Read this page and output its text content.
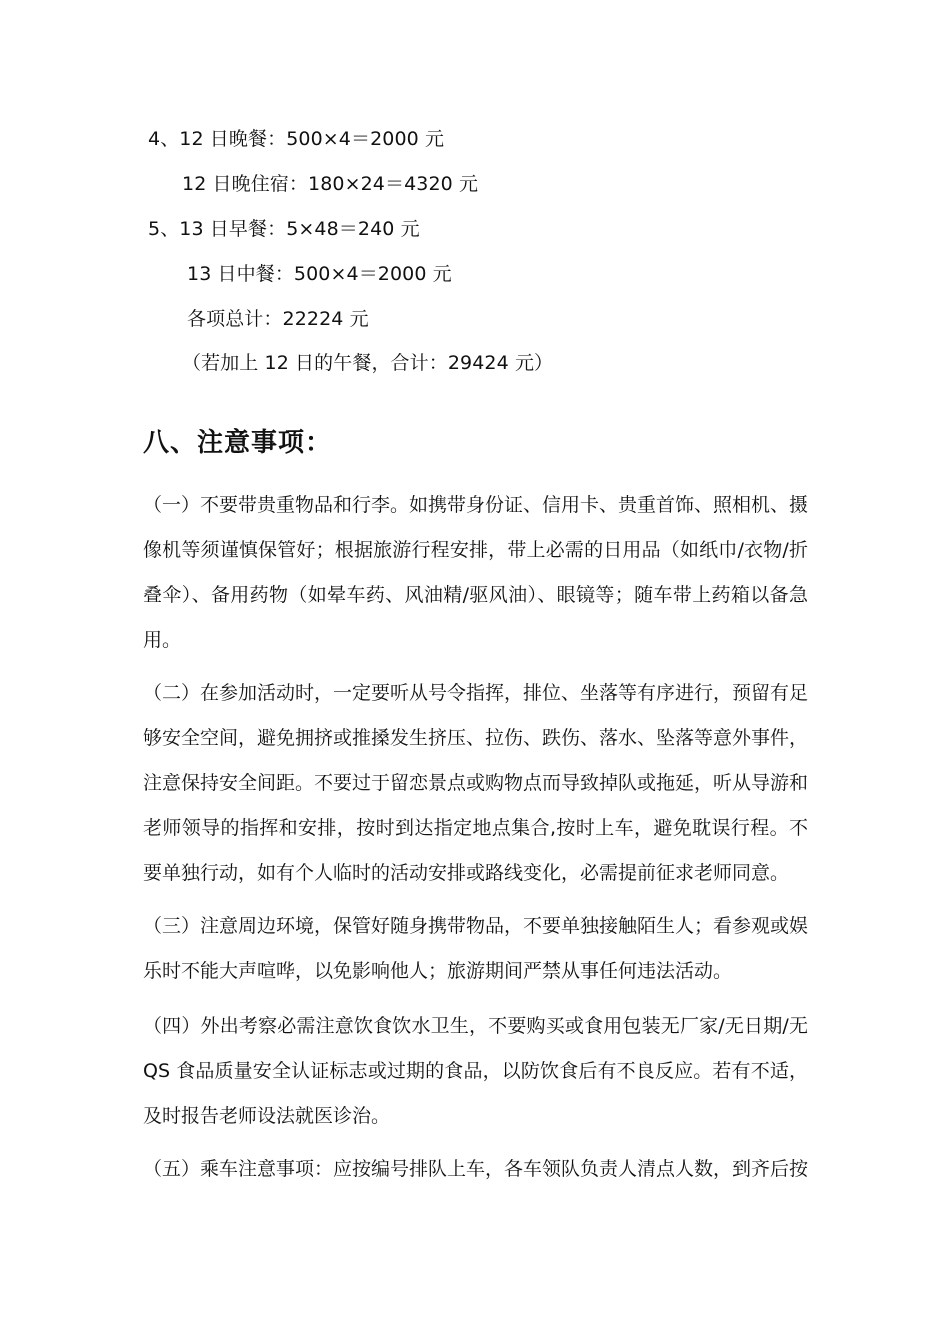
4、12 日晚餐：500×4＝2000 元
12 日晚住宿：180×24＝4320 元
5、13 日早餐：5×48＝240 元
13 日中餐：500×4＝2000 元
各项总计：22224 元
（若加上 12 日的午餐，合计：29424 元）
八、注意事项：
（一）不要带贵重物品和行李。如携带身份证、信用卡、贵重首饰、照相机、摄像机等须谨慎保管好；根据旅游行程安排，带上必需的日用品（如纸巾/衣物/折叠伞）、备用药物（如晕车药、风油精/驱风油）、眼镜等；随车带上药箱以备急用。
（二）在参加活动时，一定要听从号令指挥，排位、坐落等有序进行，预留有足够安全空间，避免拥挤或推搡发生挤压、拉伤、跌伤、落水、坠落等意外事件，注意保持安全间距。不要过于留恋景点或购物点而导致掉队或拖延，听从导游和老师领导的指挥和安排，按时到达指定地点集合,按时上车，避免耽误行程。不要单独行动，如有个人临时的活动安排或路线变化，必需提前征求老师同意。
（三）注意周边环境，保管好随身携带物品，不要单独接触陌生人；看参观或娱乐时不能大声喧哗，以免影响他人；旅游期间严禁从事任何违法活动。
（四）外出考察必需注意饮食饮水卫生，不要购买或食用包装无厂家/无日期/无 QS 食品质量安全认证标志或过期的食品，以防饮食后有不良反应。若有不适，及时报告老师设法就医诊治。
（五）乘车注意事项：应按编号排队上车，各车领队负责人清点人数，到齐后按
